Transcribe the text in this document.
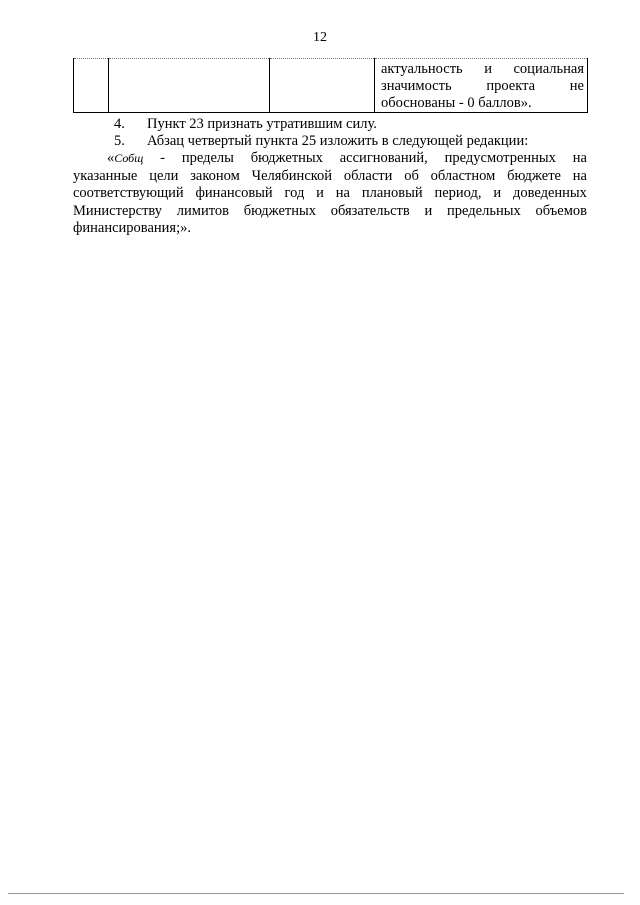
12

актуальность и социальная
значимость проекта не
обоснованы - 0 баллов».
4. Пункт 23 признать утратившим силу.
5. Абзац четвертый пункта 25 изложить в следующей редакции:
«Собщ - пределы бюджетных ассигнований, предусмотренных на
указанные цели законом Челябинской области об областном бюджете на
соответствующий финансовый год и на плановый период, и доведенных
Министерству лимитов бюджетных обязательств и предельных объемов
финансирования;».
